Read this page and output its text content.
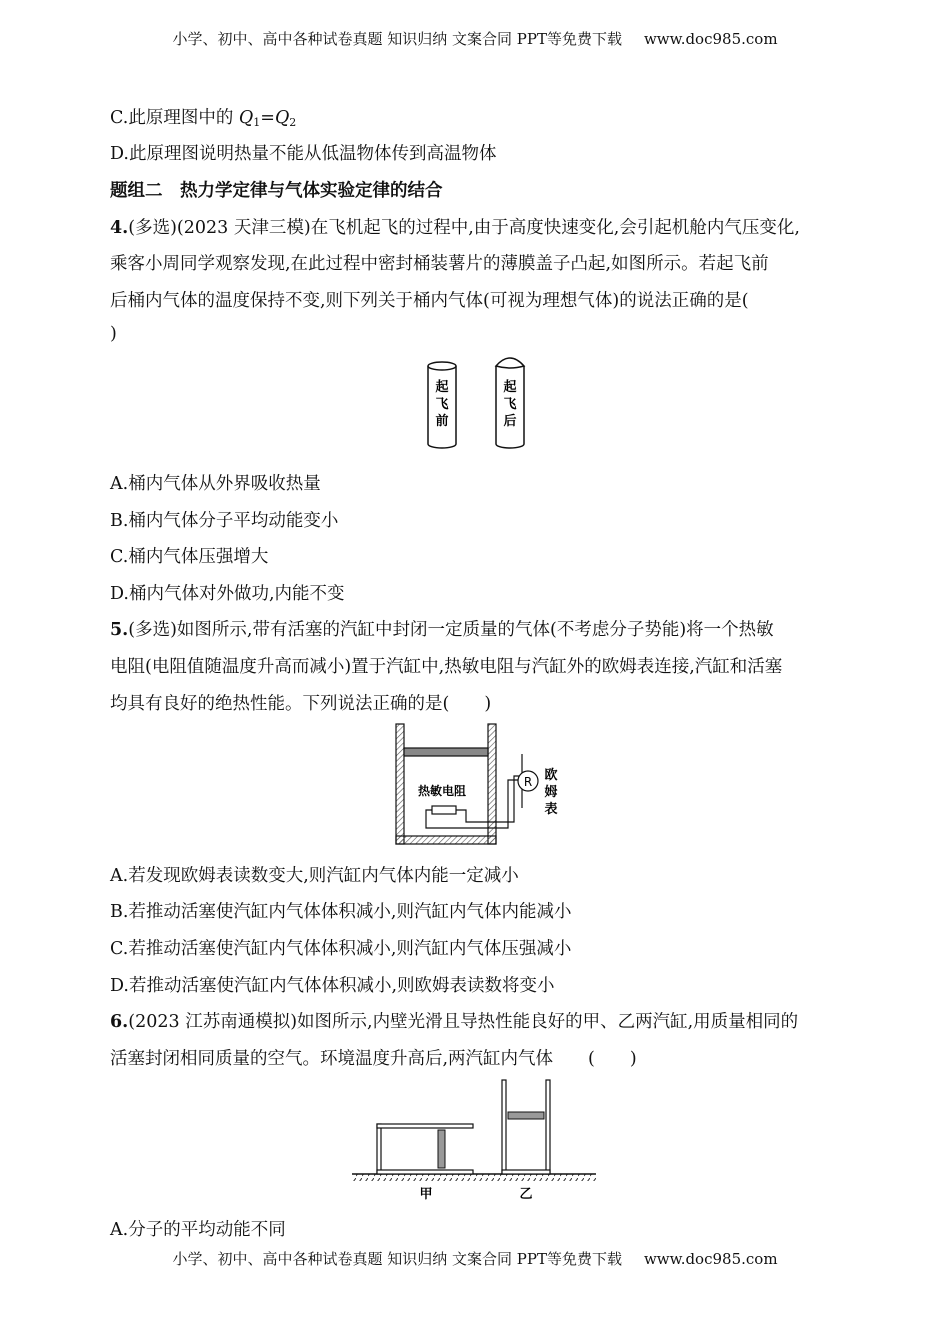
小学、初中、高中各种试卷真题 知识归纳 文案合同 PPT等免费下载 www.doc985.com
C.此原理图中的 $Q_1=Q_2$
D.此原理图说明热量不能从低温物体传到高温物体
题组二　热力学定律与气体实验定律的结合
4.(多选)(2023 天津三模)在飞机起飞的过程中,由于高度快速变化,会引起机舱内气压变化,
乘客小周同学观察发现,在此过程中密封桶装薯片的薄膜盖子凸起,如图所示。若起飞前
后桶内气体的温度保持不变,则下列关于桶内气体(可视为理想气体)的说法正确的是(
)
起
飞
前
起
飞
后
A.桶内气体从外界吸收热量
B.桶内气体分子平均动能变小
C.桶内气体压强增大
D.桶内气体对外做功,内能不变
5.(多选)如图所示,带有活塞的汽缸中封闭一定质量的气体(不考虑分子势能)将一个热敏
电阻(电阻值随温度升高而减小)置于汽缸中,热敏电阻与汽缸外的欧姆表连接,汽缸和活塞
均具有良好的绝热性能。下列说法正确的是(　　)
热敏电阻
R 欧
姆
表
A.若发现欧姆表读数变大,则汽缸内气体内能一定减小
B.若推动活塞使汽缸内气体体积减小,则汽缸内气体内能减小
C.若推动活塞使汽缸内气体体积减小,则汽缸内气体压强减小
D.若推动活塞使汽缸内气体体积减小,则欧姆表读数将变小
6.(2023 江苏南通模拟)如图所示,内壁光滑且导热性能良好的甲、乙两汽缸,用质量相同的
活塞封闭相同质量的空气。环境温度升高后,两汽缸内气体　　(　　)
甲	乙
A.分子的平均动能不同
小学、初中、高中各种试卷真题 知识归纳 文案合同 PPT等免费下载 www.doc985.com
